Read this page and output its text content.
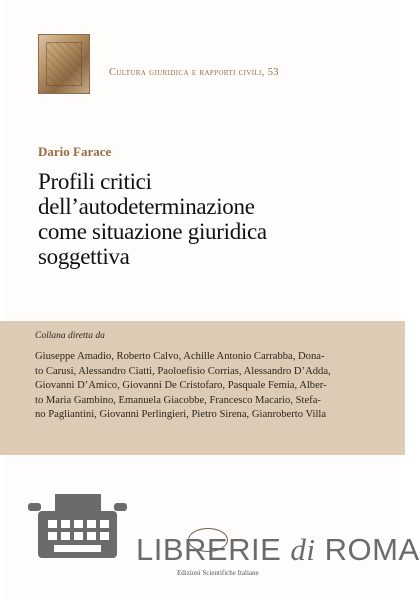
Cultura giuridica e rapporti civili, 53
Dario Farace
Profili critici
dell’autodeterminazione
come situazione giuridica
soggettiva
Collana diretta da
Giuseppe Amadio, Roberto Calvo, Achille Antonio Carrabba, Dona-
to Carusi, Alessandro Ciatti, Paoloefisio Corrias, Alessandro D’Adda,
Giovanni D’Amico, Giovanni De Cristofaro, Pasquale Femia, Alber-
to Maria Gambino, Emanuela Giacobbe, Francesco Macario, Stefa-
no Pagliantini, Giovanni Perlingieri, Pietro Sirena, Gianroberto Villa
LIBRERIE di ROMA
Edizioni Scientifiche Italiane
